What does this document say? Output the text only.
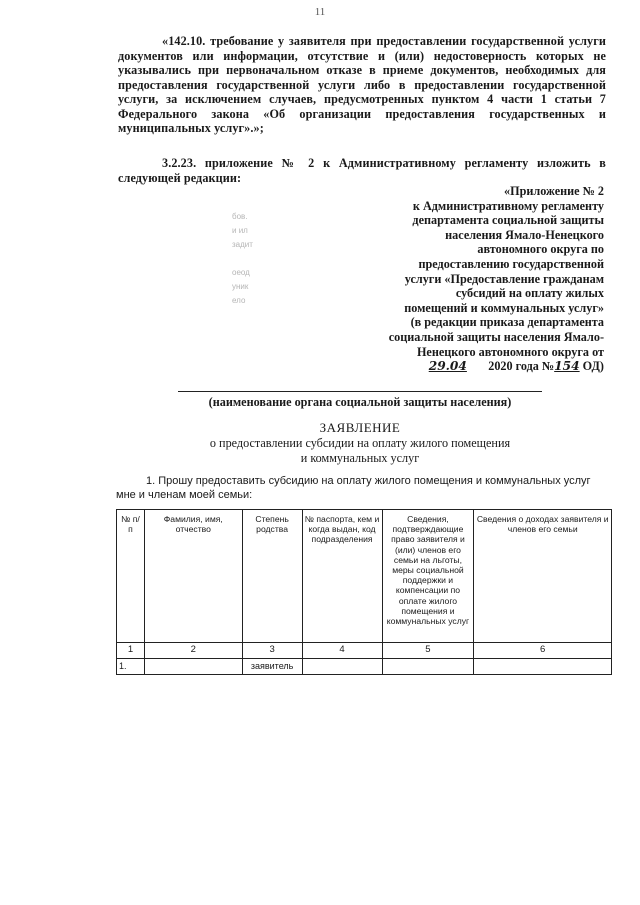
11
«142.10. требование у заявителя при предоставлении государственной услуги документов или информации, отсутствие и (или) недостоверность которых не указывались при первоначальном отказе в приеме документов, необходимых для предоставления государственной услуги либо в предоставлении государственной услуги, за исключением случаев, предусмотренных пунктом 4 части 1 статьи 7 Федерального закона «Об организации предоставления государственных и муниципальных услуг».»;
3.2.23. приложение № 2 к Административному регламенту изложить в следующей редакции:
«Приложение № 2
к Административному регламенту
департамента социальной защиты
населения Ямало-Ненецкого
автономного округа по
предоставлению государственной
услуги «Предоставление гражданам
субсидий на оплату жилых
помещений и коммунальных услуг»
(в редакции приказа департамента
социальной защиты населения Ямало-
Ненецкого автономного округа от
29.04 2020 года №154 ОД)
бов.
и ил
задит
оеод
уник
ело
(наименование органа социальной защиты населения)
ЗАЯВЛЕНИЕ
о предоставлении субсидии на оплату жилого помещения
и коммунальных услуг
1. Прошу предоставить субсидию на оплату жилого помещения и коммунальных услуг
мне и членам моей семьи:
№ п/п	Фамилия, имя, отчество	Степень родства	№ паспорта, кем и когда выдан, код подразделения	Сведения, подтверждающие право заявителя и (или) членов его семьи на льготы, меры социальной поддержки и компенсации по оплате жилого помещения и коммунальных услуг	Сведения о доходах заявителя и членов его семьи
1	2	3	4	5	6
1.		заявитель			
